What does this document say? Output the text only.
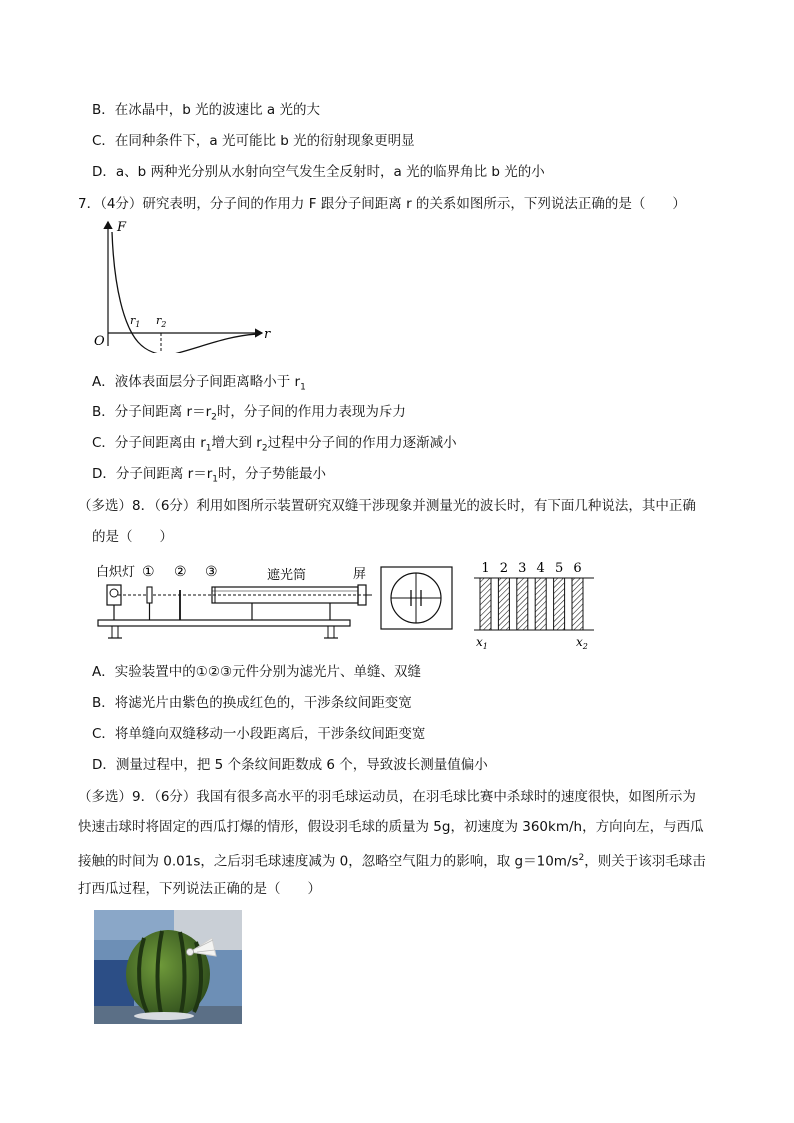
B．在冰晶中，b 光的波速比 a 光的大
C．在同种条件下，a 光可能比 b 光的衍射现象更明显
D．a、b 两种光分别从水射向空气发生全反射时，a 光的临界角比 b 光的小
7．（4分）研究表明，分子间的作用力 F 跟分子间距离 r 的关系如图所示，下列说法正确的是（　　）
F
r
O
$r_1$ $r_2$
A．液体表面层分子间距离略小于 $r_1$
B．分子间距离 $r=r_2$时，分子间的作用力表现为斥力
C．分子间距离由 $r_1$增大到 $r_2$过程中分子间的作用力逐渐减小
D．分子间距离 $r=r_1$时，分子势能最小
（多选）8．（6分）利用如图所示装置研究双缝干涉现象并测量光的波长时，有下面几种说法，其中正确
的是（　　）
白炽灯 ① ② ③	遮光筒	屏	1 2 3 4 5 6
$x_1$	$x_2$
A．实验装置中的①②③元件分别为滤光片、单缝、双缝
B．将滤光片由紫色的换成红色的，干涉条纹间距变宽
C．将单缝向双缝移动一小段距离后，干涉条纹间距变宽
D．测量过程中，把 5 个条纹间距数成 6 个，导致波长测量值偏小
（多选）9．（6分）我国有很多高水平的羽毛球运动员，在羽毛球比赛中杀球时的速度很快，如图所示为
快速击球时将固定的西瓜打爆的情形，假设羽毛球的质量为 5g，初速度为 360km/h，方向向左，与西瓜
接触的时间为 0.01s，之后羽毛球速度减为 0，忽略空气阻力的影响，取 $g=10m/s^2$，则关于该羽毛球击
打西瓜过程，下列说法正确的是（　　）
